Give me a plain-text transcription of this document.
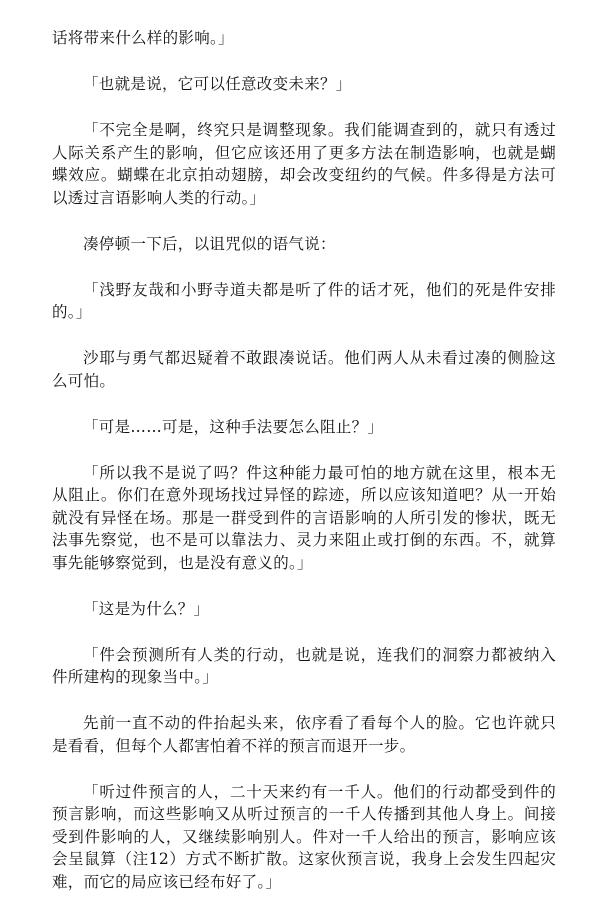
话将带来什么样的影响。」

「也就是说，它可以任意改变未来？」

「不完全是啊，终究只是调整现象。我们能调查到的，就只有透过人际关系产生的影响，但它应该还用了更多方法在制造影响，也就是蝴蝶效应。蝴蝶在北京拍动翅膀，却会改变纽约的气候。件多得是方法可以透过言语影响人类的行动。」

凑停顿一下后，以诅咒似的语气说：

「浅野友哉和小野寺道夫都是听了件的话才死，他们的死是件安排的。」

沙耶与勇气都迟疑着不敢跟凑说话。他们两人从未看过凑的侧脸这么可怕。

「可是……可是，这种手法要怎么阻止？」

「所以我不是说了吗？件这种能力最可怕的地方就在这里，根本无从阻止。你们在意外现场找过异怪的踪迹，所以应该知道吧？从一开始就没有异怪在场。那是一群受到件的言语影响的人所引发的惨状，既无法事先察觉，也不是可以靠法力、灵力来阻止或打倒的东西。不，就算事先能够察觉到，也是没有意义的。」

「这是为什么？」

「件会预测所有人类的行动，也就是说，连我们的洞察力都被纳入件所建构的现象当中。」

先前一直不动的件抬起头来，依序看了看每个人的脸。它也许就只是看看，但每个人都害怕着不祥的预言而退开一步。

「听过件预言的人，二十天来约有一千人。他们的行动都受到件的预言影响，而这些影响又从听过预言的一千人传播到其他人身上。间接受到件影响的人，又继续影响别人。件对一千人给出的预言，影响应该会呈鼠算（注12）方式不断扩散。这家伙预言说，我身上会发生四起灾难，而它的局应该已经布好了。」
